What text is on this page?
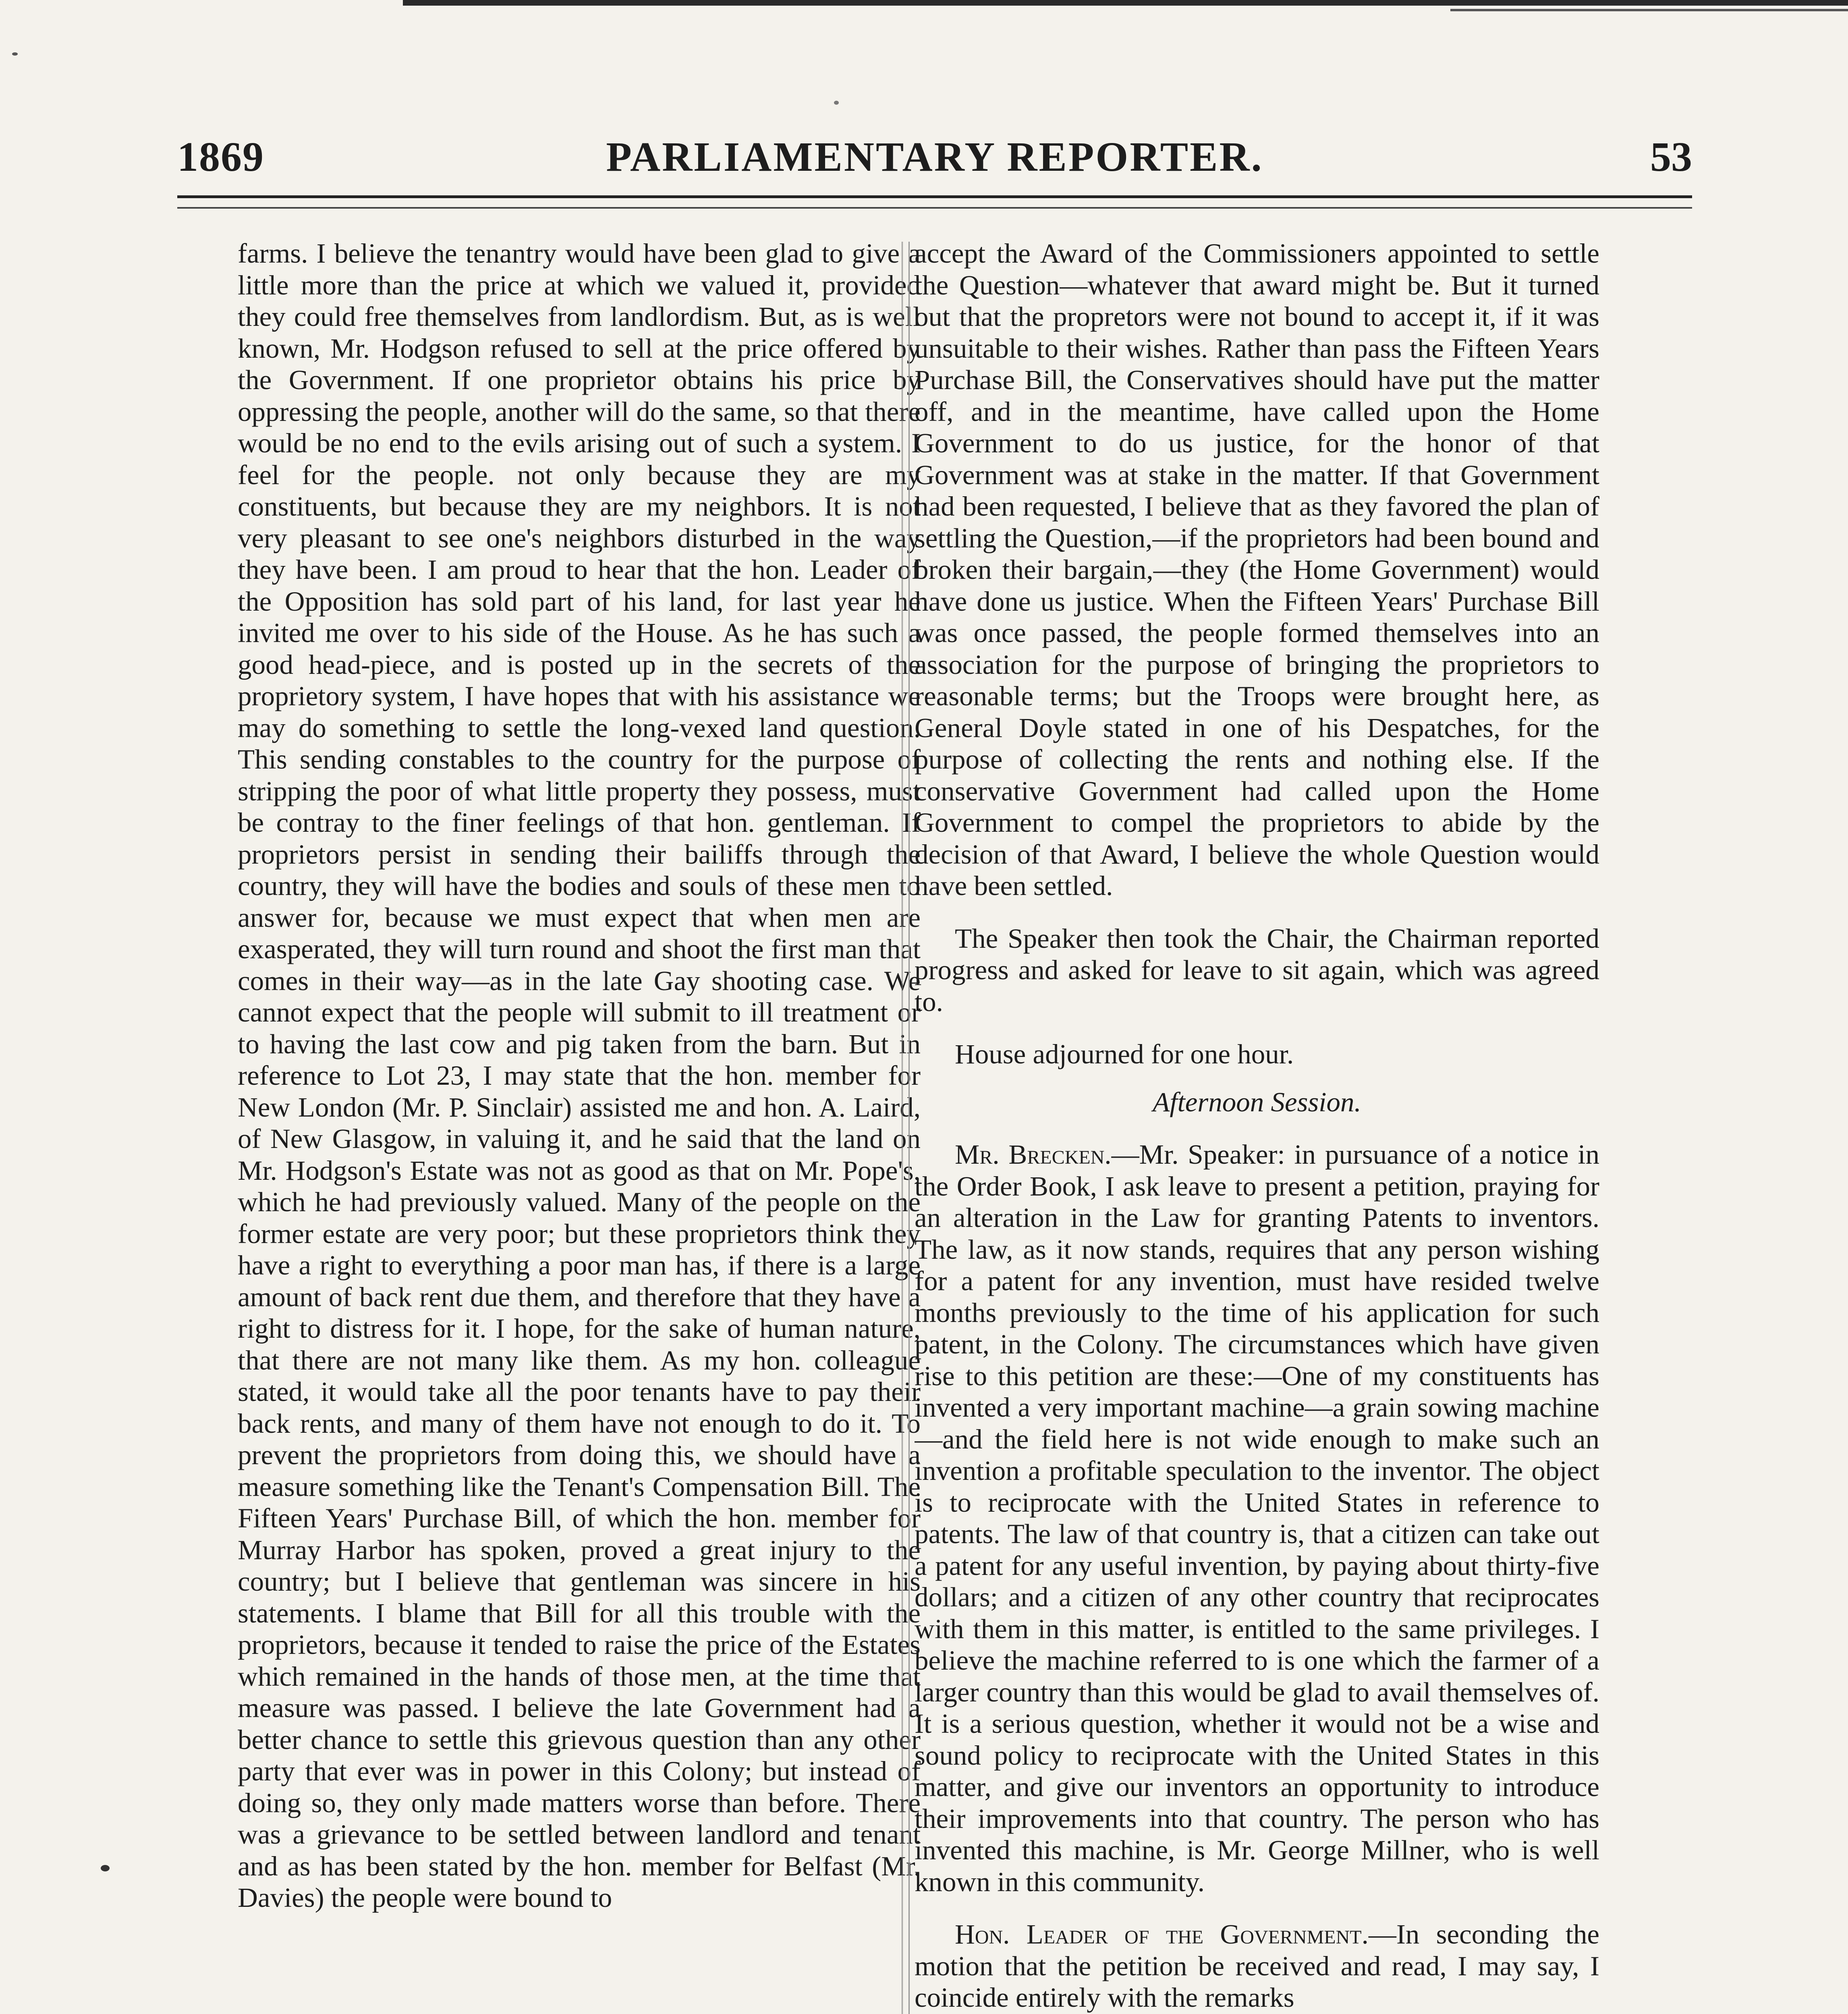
1869	PARLIAMENTARY REPORTER.	53

farms. I believe the tenantry would have been glad to give a little more than the price at which we valued it, provided they could free themselves from landlordism. But, as is well known, Mr. Hodgson refused to sell at the price offered by the Government. If one proprietor obtains his price by oppressing the people, another will do the same, so that there would be no end to the evils arising out of such a system. I feel for the people. not only because they are my constituents, but because they are my neighbors. It is not very pleasant to see one's neighbors disturbed in the way they have been. I am proud to hear that the hon. Leader of the Opposition has sold part of his land, for last year he invited me over to his side of the House. As he has such a good head-piece, and is posted up in the secrets of the proprietory system, I have hopes that with his assistance we may do something to settle the long-vexed land question. This sending constables to the country for the purpose of stripping the poor of what little property they possess, must be contray to the finer feelings of that hon. gentleman. If proprietors persist in sending their bailiffs through the country, they will have the bodies and souls of these men to answer for, because we must expect that when men are exasperated, they will turn round and shoot the first man that comes in their way—as in the late Gay shooting case. We cannot expect that the people will submit to ill treatment or to having the last cow and pig taken from the barn. But in reference to Lot 23, I may state that the hon. member for New London (Mr. P. Sinclair) assisted me and hon. A. Laird, of New Glasgow, in valuing it, and he said that the land on Mr. Hodgson's Estate was not as good as that on Mr. Pope's, which he had previously valued. Many of the people on the former estate are very poor; but these proprietors think they have a right to everything a poor man has, if there is a large amount of back rent due them, and therefore that they have a right to distress for it. I hope, for the sake of human nature, that there are not many like them. As my hon. colleague stated, it would take all the poor tenants have to pay their back rents, and many of them have not enough to do it. To prevent the proprietors from doing this, we should have a measure something like the Tenant's Compensation Bill. The Fifteen Years' Purchase Bill, of which the hon. member for Murray Harbor has spoken, proved a great injury to the country; but I believe that gentleman was sincere in his statements. I blame that Bill for all this trouble with the proprietors, because it tended to raise the price of the Estates which remained in the hands of those men, at the time that measure was passed. I believe the late Government had a better chance to settle this grievous question than any other party that ever was in power in this Colony; but instead of doing so, they only made matters worse than before. There was a grievance to be settled between landlord and tenant and as has been stated by the hon. member for Belfast (Mr. Davies) the people were bound to

accept the Award of the Commissioners appointed to settle the Question—whatever that award might be. But it turned out that the propretors were not bound to accept it, if it was unsuitable to their wishes. Rather than pass the Fifteen Years Purchase Bill, the Conservatives should have put the matter off, and in the meantime, have called upon the Home Government to do us justice, for the honor of that Government was at stake in the matter. If that Government had been requested, I believe that as they favored the plan of settling the Question,—if the proprietors had been bound and broken their bargain,—they (the Home Government) would have done us justice. When the Fifteen Years' Purchase Bill was once passed, the people formed themselves into an association for the purpose of bringing the proprietors to reasonable terms; but the Troops were brought here, as General Doyle stated in one of his Despatches, for the purpose of collecting the rents and nothing else. If the conservative Government had called upon the Home Government to compel the proprietors to abide by the decision of that Award, I believe the whole Question would have been settled.

The Speaker then took the Chair, the Chairman reported progress and asked for leave to sit again, which was agreed to.

House adjourned for one hour.

Afternoon Session.

Mr. Brecken.—Mr. Speaker: in pursuance of a notice in the Order Book, I ask leave to present a petition, praying for an alteration in the Law for granting Patents to inventors. The law, as it now stands, requires that any person wishing for a patent for any invention, must have resided twelve months previously to the time of his application for such patent, in the Colony. The circumstances which have given rise to this petition are these:—One of my constituents has invented a very important machine—a grain sowing machine—and the field here is not wide enough to make such an invention a profitable speculation to the inventor. The object is to reciprocate with the United States in reference to patents. The law of that country is, that a citizen can take out a patent for any useful invention, by paying about thirty-five dollars; and a citizen of any other country that reciprocates with them in this matter, is entitled to the same privileges. I believe the machine referred to is one which the farmer of a larger country than this would be glad to avail themselves of. It is a serious question, whether it would not be a wise and sound policy to reciprocate with the United States in this matter, and give our inventors an opportunity to introduce their improvements into that country. The person who has invented this machine, is Mr. George Millner, who is well known in this community.

Hon. Leader of the Government.—In seconding the motion that the petition be received and read, I may say, I coincide entirely with the remarks
